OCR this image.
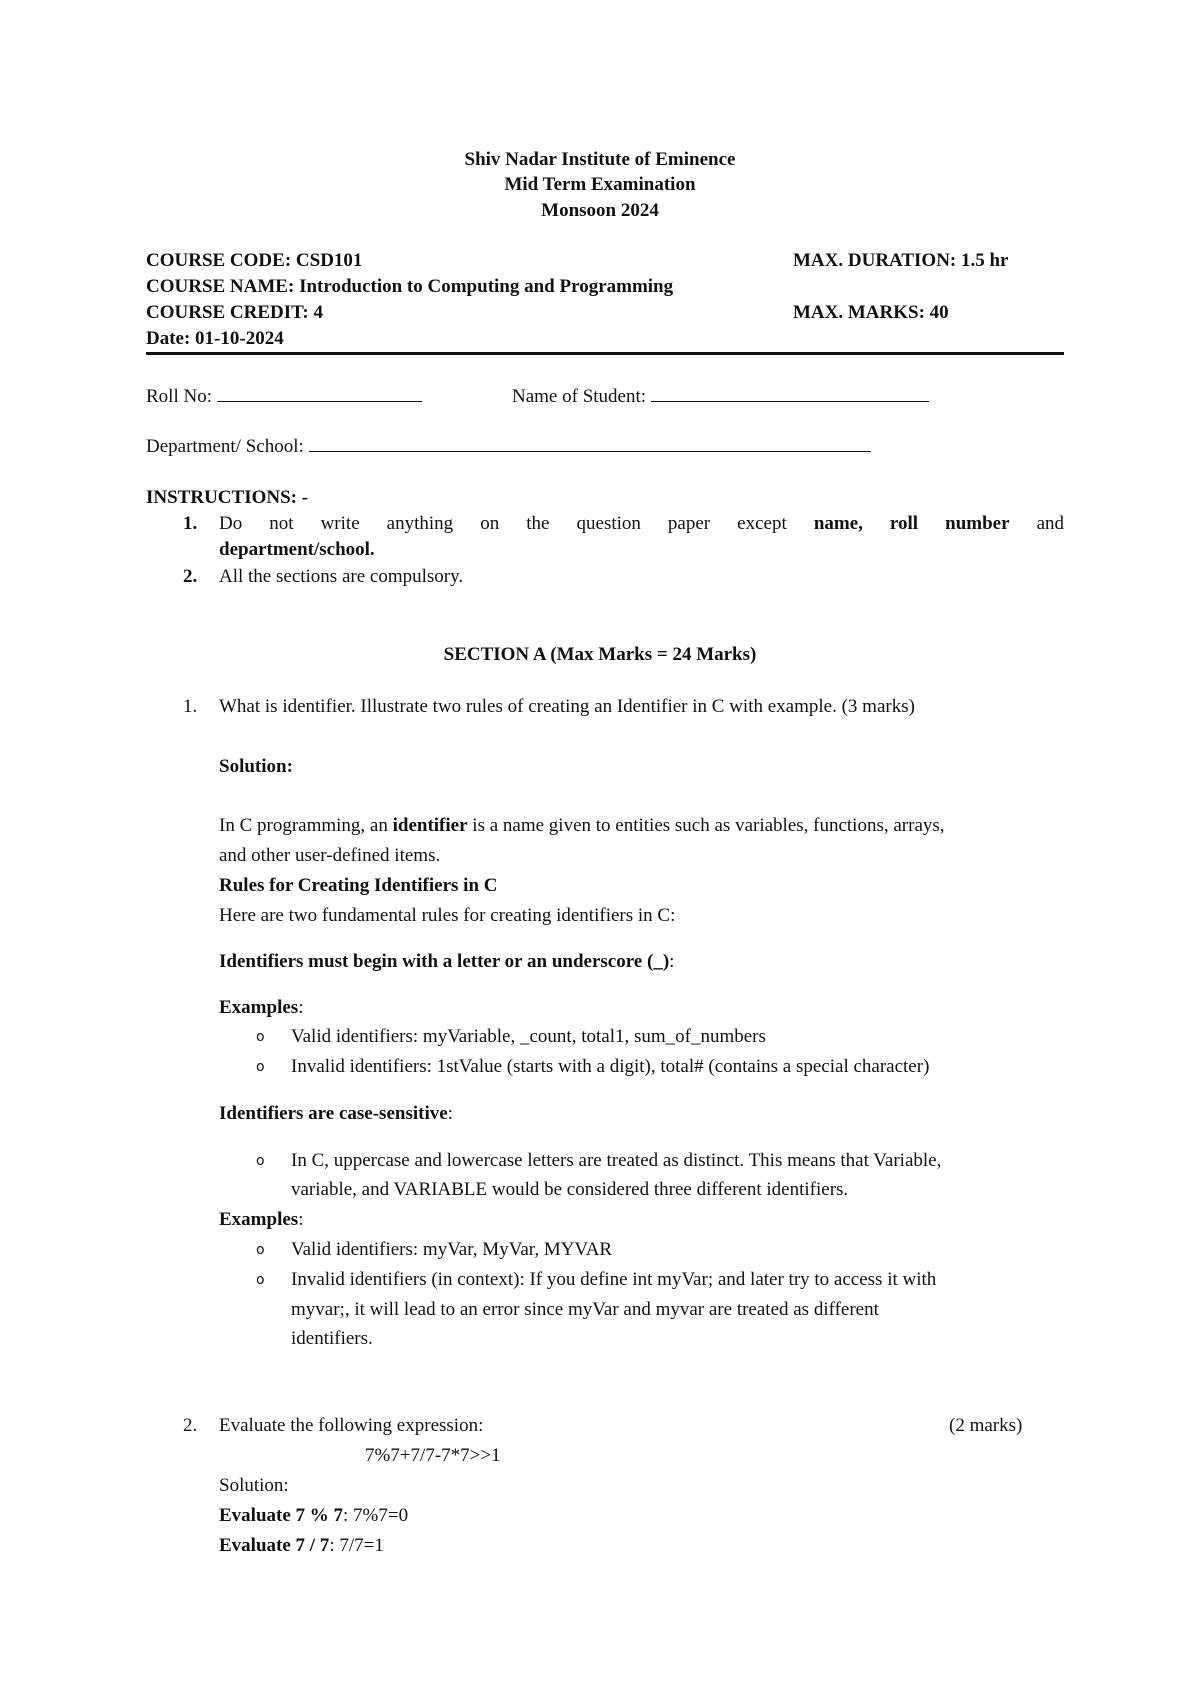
Shiv Nadar Institute of Eminence
Mid Term Examination
Monsoon 2024
COURSE CODE: CSD101	MAX. DURATION: 1.5 hr
COURSE NAME: Introduction to Computing and Programming
COURSE CREDIT: 4	MAX. MARKS: 40
Date: 01-10-2024
Roll No:	Name of Student:
Department/ School:
INSTRUCTIONS: -
1. Do not write anything on the question paper except name, roll number and
department/school.
2. All the sections are compulsory.
SECTION A (Max Marks = 24 Marks)
1. What is identifier. Illustrate two rules of creating an Identifier in C with example. (3 marks)
Solution:
In C programming, an identifier is a name given to entities such as variables, functions, arrays,
and other user-defined items.
Rules for Creating Identifiers in C
Here are two fundamental rules for creating identifiers in C:
Identifiers must begin with a letter or an underscore (_):
Examples:
o Valid identifiers: myVariable, _count, total1, sum_of_numbers
o Invalid identifiers: 1stValue (starts with a digit), total# (contains a special character)
Identifiers are case-sensitive:
o In C, uppercase and lowercase letters are treated as distinct. This means that Variable,
variable, and VARIABLE would be considered three different identifiers.
Examples:
o Valid identifiers: myVar, MyVar, MYVAR
o Invalid identifiers (in context): If you define int myVar; and later try to access it with
myvar;, it will lead to an error since myVar and myvar are treated as different
identifiers.
2. Evaluate the following expression:	(2 marks)
7%7+7/7-7*7>>1
Solution:
Evaluate 7 % 7: 7%7=0
Evaluate 7 / 7: 7/7=1
